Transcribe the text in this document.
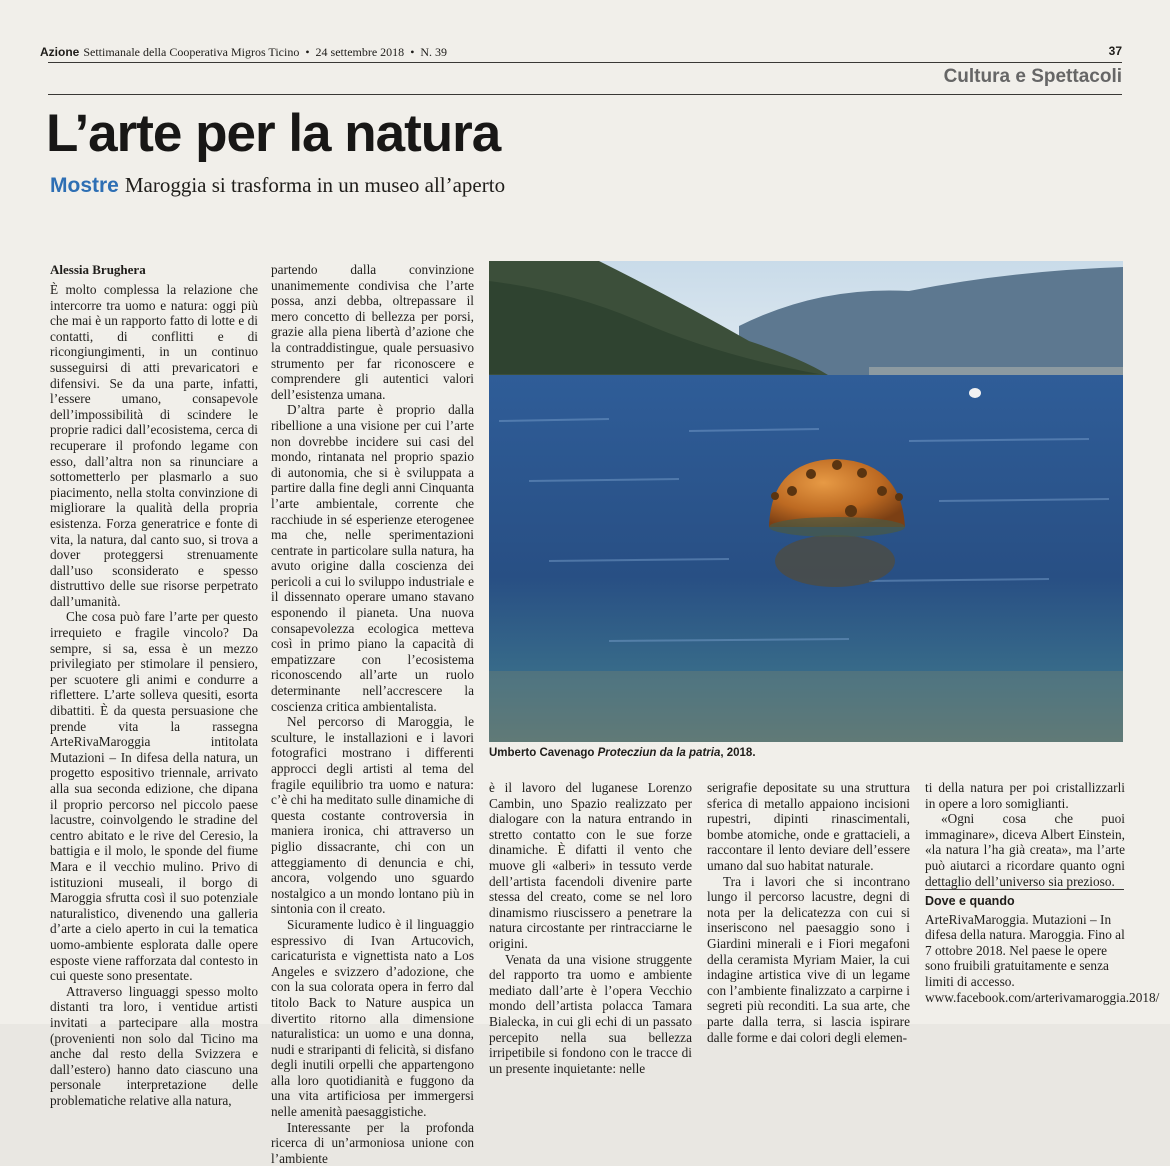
Azione Settimanale della Cooperativa Migros Ticino • 24 settembre 2018 • N. 39	37
Cultura e Spettacoli
L’arte per la natura
Mostre Maroggia si trasforma in un museo all’aperto
Alessia Brughera

È molto complessa la relazione che intercorre tra uomo e natura: oggi più che mai è un rapporto fatto di lotte e di contatti, di conflitti e di ricongiungimenti, in un continuo susseguirsi di atti prevaricatori e difensivi. Se da una parte, infatti, l’essere umano, consapevole dell’impossibilità di scindere le proprie radici dall’ecosistema, cerca di recuperare il profondo legame con esso, dall’altra non sa rinunciare a sottometterlo per plasmarlo a suo piacimento, nella stolta convinzione di migliorare la qualità della propria esistenza. Forza generatrice e fonte di vita, la natura, dal canto suo, si trova a dover proteggersi strenuamente dall’uso sconsiderato e spesso distruttivo delle sue risorse perpetrato dall’umanità.

Che cosa può fare l’arte per questo irrequieto e fragile vincolo? Da sempre, si sa, essa è un mezzo privilegiato per stimolare il pensiero, per scuotere gli animi e condurre a riflettere. L’arte solleva quesiti, esorta dibattiti. È da questa persuasione che prende vita la rassegna ArteRivaMaroggia intitolata Mutazioni – In difesa della natura, un progetto espositivo triennale, arrivato alla sua seconda edizione, che dipana il proprio percorso nel piccolo paese lacustre, coinvolgendo le stradine del centro abitato e le rive del Ceresio, la battigia e il molo, le sponde del fiume Mara e il vecchio mulino. Privo di istituzioni museali, il borgo di Maroggia sfrutta così il suo potenziale naturalistico, divenendo una galleria d’arte a cielo aperto in cui la tematica uomo-ambiente esplorata dalle opere esposte viene rafforzata dal contesto in cui queste sono presentate.

Attraverso linguaggi spesso molto distanti tra loro, i ventidue artisti invitati a partecipare alla mostra (provenienti non solo dal Ticino ma anche dal resto della Svizzera e dall’estero) hanno dato ciascuno una personale interpretazione delle problematiche relative alla natura,

partendo dalla convinzione unanimemente condivisa che l’arte possa, anzi debba, oltrepassare il mero concetto di bellezza per porsi, grazie alla piena libertà d’azione che la contraddistingue, quale persuasivo strumento per far riconoscere e comprendere gli autentici valori dell’esistenza umana.

D’altra parte è proprio dalla ribellione a una visione per cui l’arte non dovrebbe incidere sui casi del mondo, rintanata nel proprio spazio di autonomia, che si è sviluppata a partire dalla fine degli anni Cinquanta l’arte ambientale, corrente che racchiude in sé esperienze eterogenee ma che, nelle sperimentazioni centrate in particolare sulla natura, ha avuto origine dalla coscienza dei pericoli a cui lo sviluppo industriale e il dissennato operare umano stavano esponendo il pianeta. Una nuova consapevolezza ecologica metteva così in primo piano la capacità di empatizzare con l’ecosistema riconoscendo all’arte un ruolo determinante nell’accrescere la coscienza critica ambientalista.

Nel percorso di Maroggia, le sculture, le installazioni e i lavori fotografici mostrano i differenti approcci degli artisti al tema del fragile equilibrio tra uomo e natura: c’è chi ha meditato sulle dinamiche di questa costante controversia in maniera ironica, chi attraverso un piglio dissacrante, chi con un atteggiamento di denuncia e chi, ancora, volgendo uno sguardo nostalgico a un mondo lontano più in sintonia con il creato.

Sicuramente ludico è il linguaggio espressivo di Ivan Artucovich, caricaturista e vignettista nato a Los Angeles e svizzero d’adozione, che con la sua colorata opera in ferro dal titolo Back to Nature auspica un divertito ritorno alla dimensione naturalistica: un uomo e una donna, nudi e straripanti di felicità, si disfano degli inutili orpelli che appartengono alla loro quotidianità e fuggono da una vita artificiosa per immergersi nelle amenità paesaggistiche.

Interessante per la profonda ricerca di un’armoniosa unione con l’ambiente

Umberto Cavenago Protecziun da la patria, 2018.

è il lavoro del luganese Lorenzo Cambin, uno Spazio realizzato per dialogare con la natura entrando in stretto contatto con le sue forze dinamiche. È difatti il vento che muove gli «alberi» in tessuto verde dell’artista facendoli divenire parte stessa del creato, come se nel loro dinamismo riuscissero a penetrare la natura circostante per rintracciarne le origini.

Venata da una visione struggente del rapporto tra uomo e ambiente mediato dall’arte è l’opera Vecchio mondo dell’artista polacca Tamara Bialecka, in cui gli echi di un passato percepito nella sua bellezza irripetibile si fondono con le tracce di un presente inquietante: nelle

serigrafie depositate su una struttura sferica di metallo appaiono incisioni rupestri, dipinti rinascimentali, bombe atomiche, onde e grattacieli, a raccontare il lento deviare dell’essere umano dal suo habitat naturale.

Tra i lavori che si incontrano lungo il percorso lacustre, degni di nota per la delicatezza con cui si inseriscono nel paesaggio sono i Giardini minerali e i Fiori megafoni della ceramista Myriam Maier, la cui indagine artistica vive di un legame con l’ambiente finalizzato a carpirne i segreti più reconditi. La sua arte, che parte dalla terra, si lascia ispirare dalle forme e dai colori degli elemen-

ti della natura per poi cristallizzarli in opere a loro somiglianti.

«Ogni cosa che puoi immaginare», diceva Albert Einstein, «la natura l’ha già creata», ma l’arte può aiutarci a ricordare quanto ogni dettaglio dell’universo sia prezioso.

Dove e quando

ArteRivaMaroggia. Mutazioni – In difesa della natura. Maroggia. Fino al 7 ottobre 2018. Nel paese le opere sono fruibili gratuitamente e senza limiti di accesso. www.facebook.com/arterivamaroggia.2018/
